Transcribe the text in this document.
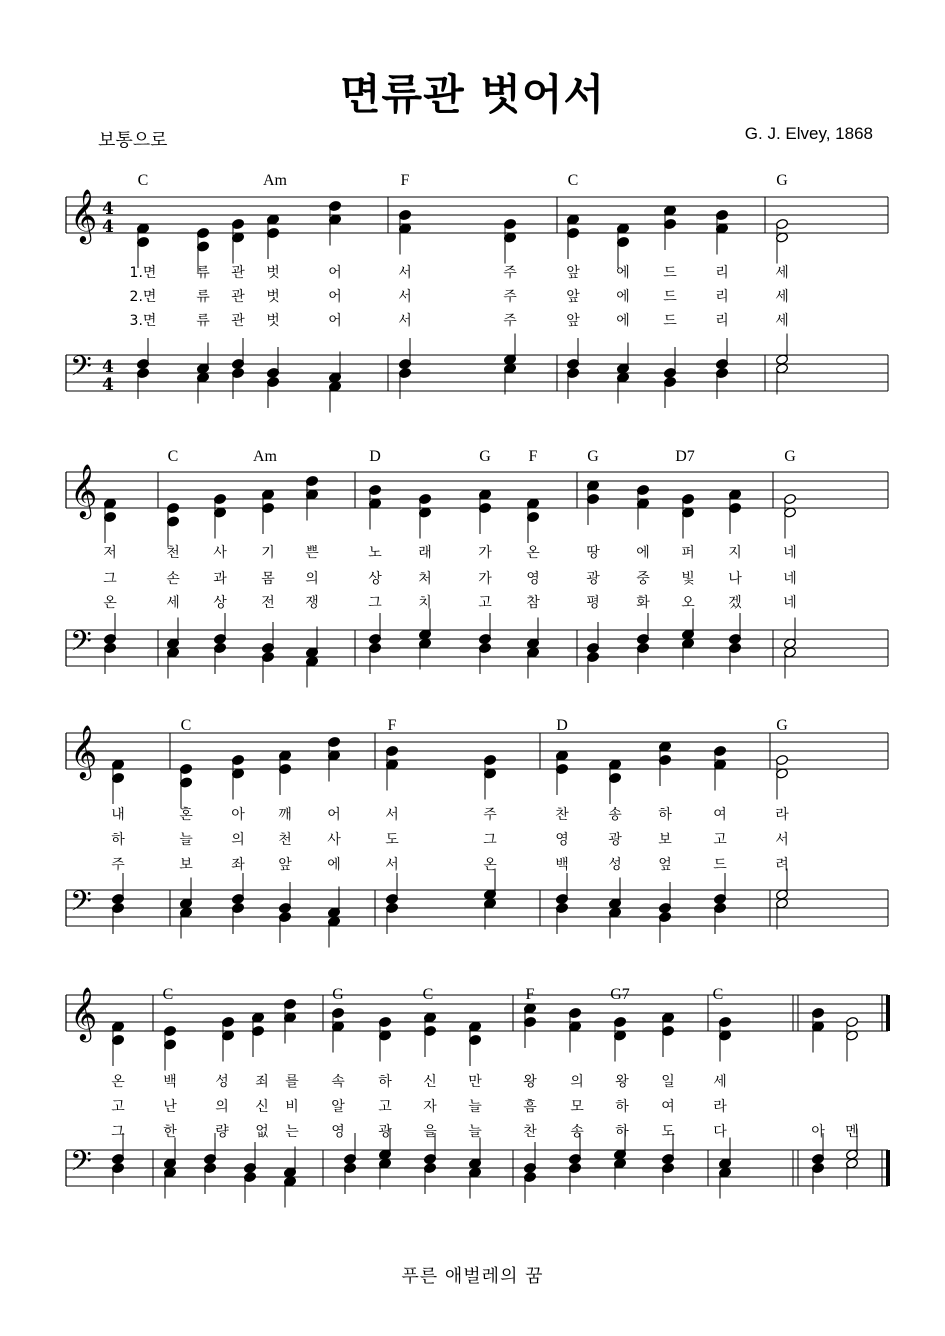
면류관 벗어서
보통으로	G. J. Elvey, 1868
푸른 애벌레의 꿈
𝄞 4
4
𝄢 4
4
𝄞
𝄢
𝄞
𝄢
𝄞
𝄢
C	Am	F	C	G
1.면	류 관 벗	어	서	주	앞	에 드	리	세
2.면	류 관 벗	어	서	주	앞	에 드	리	세
3.면	류 관 벗	어	서	주	앞	에 드	리	세
C	Am	D	G F	G	D7	G
저	천 사 기 쁜	노	래	가 온	땅	에 퍼 지	네
그	손 과 몸 의	상	처	가 영	광	중 빛 나	네
온	세 상 전 쟁	그	치	고 참	평	화 오 겠	네
C	F	D	G
내	혼	아 깨	어	서	주	찬	송	하	여	라
하	늘	의 천	사	도	그	영	광	보	고	서
주	보	좌 앞	에	서	온	백	성	엎	드	려
C	G	C	F	G7	C
온	백	성 죄 를 속 하 신 만	왕 의 왕 일	세
고	난	의 신 비 알 고 자 늘	흠 모 하 여	라
그	한	량 없 는 영 광 을 늘	찬 송 하 도	다	아 멘
